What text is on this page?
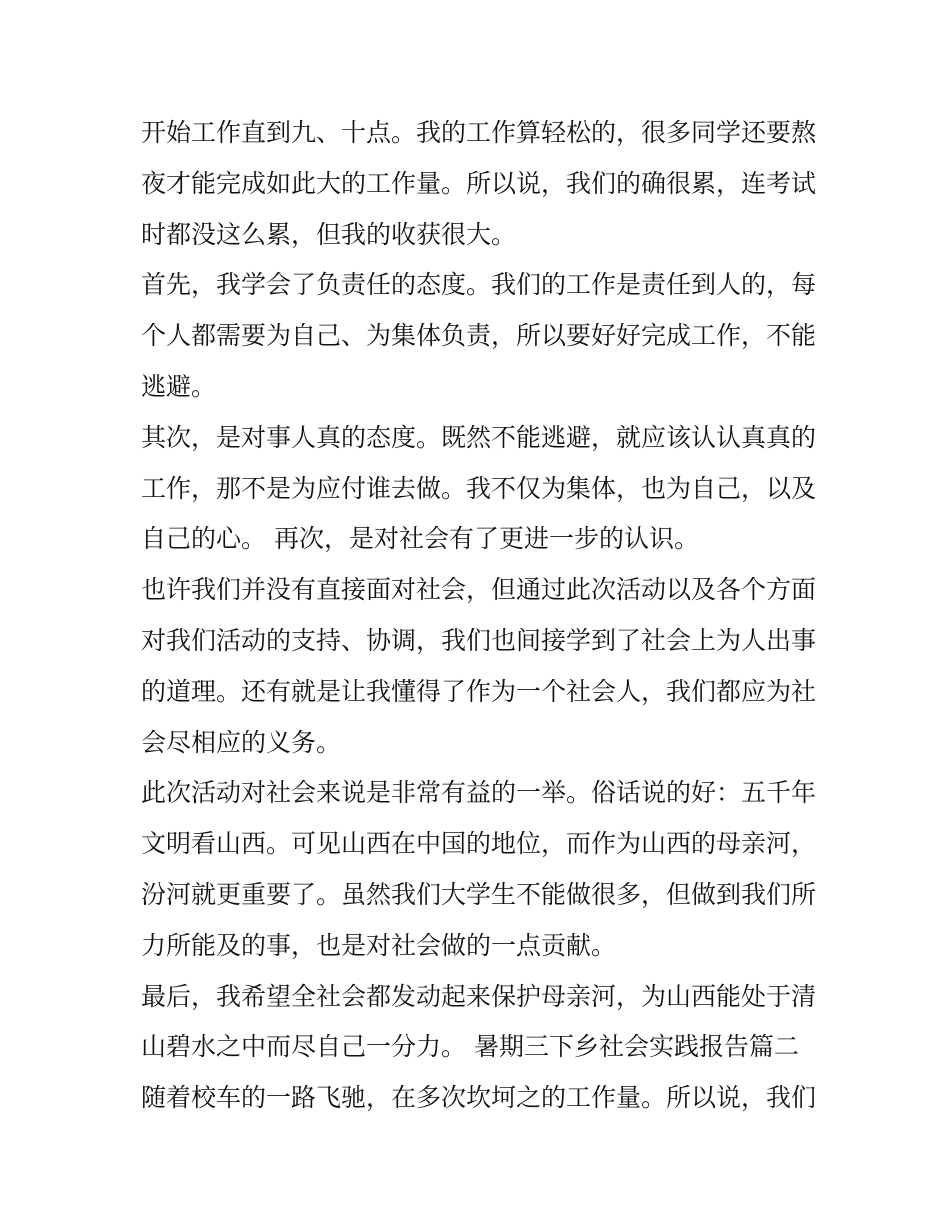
开始工作直到九、十点。我的工作算轻松的，很多同学还要熬
夜才能完成如此大的工作量。所以说，我们的确很累，连考试
时都没这么累，但我的收获很大。
首先，我学会了负责任的态度。我们的工作是责任到人的，每
个人都需要为自己、为集体负责，所以要好好完成工作，不能
逃避。
其次，是对事人真的态度。既然不能逃避，就应该认认真真的
工作，那不是为应付谁去做。我不仅为集体，也为自己，以及
自己的心。 再次，是对社会有了更进一步的认识。
也许我们并没有直接面对社会，但通过此次活动以及各个方面
对我们活动的支持、协调，我们也间接学到了社会上为人出事
的道理。还有就是让我懂得了作为一个社会人，我们都应为社
会尽相应的义务。
此次活动对社会来说是非常有益的一举。俗话说的好：五千年
文明看山西。可见山西在中国的地位，而作为山西的母亲河，
汾河就更重要了。虽然我们大学生不能做很多，但做到我们所
力所能及的事，也是对社会做的一点贡献。
最后，我希望全社会都发动起来保护母亲河，为山西能处于清
山碧水之中而尽自己一分力。 暑期三下乡社会实践报告篇二
随着校车的一路飞驰，在多次坎坷之的工作量。所以说，我们
